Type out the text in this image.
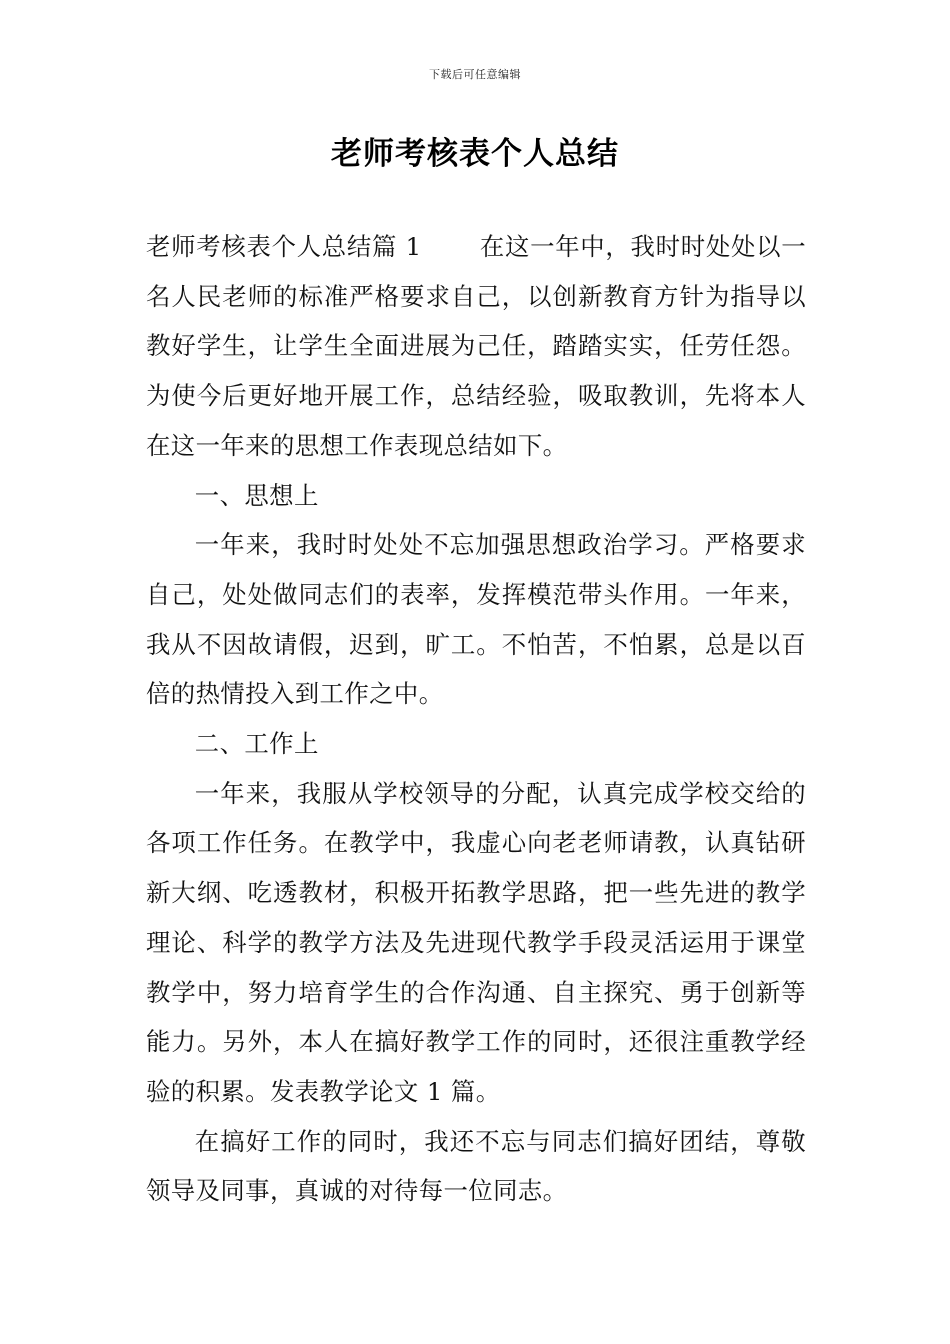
下载后可任意编辑
老师考核表个人总结

老师考核表个人总结篇 1 在这一年中，我时时处处以一名人民老师的标准严格要求自己，以创新教育方针为指导以教好学生，让学生全面进展为己任，踏踏实实，任劳任怨。为使今后更好地开展工作，总结经验，吸取教训，先将本人在这一年来的思想工作表现总结如下。

一、思想上

一年来，我时时处处不忘加强思想政治学习。严格要求自己，处处做同志们的表率，发挥模范带头作用。一年来，我从不因故请假，迟到，旷工。不怕苦，不怕累，总是以百倍的热情投入到工作之中。

二、工作上

一年来，我服从学校领导的分配，认真完成学校交给的各项工作任务。在教学中，我虚心向老老师请教，认真钻研新大纲、吃透教材，积极开拓教学思路，把一些先进的教学理论、科学的教学方法及先进现代教学手段灵活运用于课堂教学中，努力培育学生的合作沟通、自主探究、勇于创新等能力。另外，本人在搞好教学工作的同时，还很注重教学经验的积累。发表教学论文 1 篇。

在搞好工作的同时，我还不忘与同志们搞好团结，尊敬领导及同事，真诚的对待每一位同志。
